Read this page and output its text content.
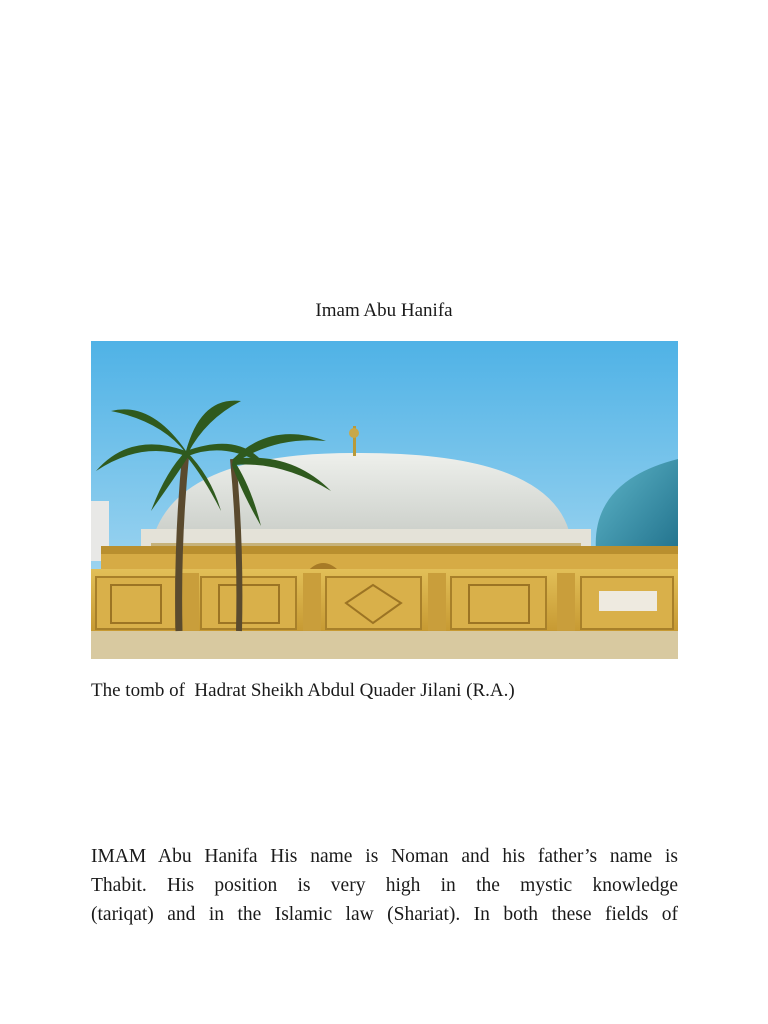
Imam Abu Hanifa
The tomb of  Hadrat Sheikh Abdul Quader Jilani (R.A.)
IMAM Abu Hanifa His name is Noman and his father’s name is
Thabit. His position is very high in the mystic knowledge
(tariqat) and in the Islamic law (Shariat). In both these fields of
